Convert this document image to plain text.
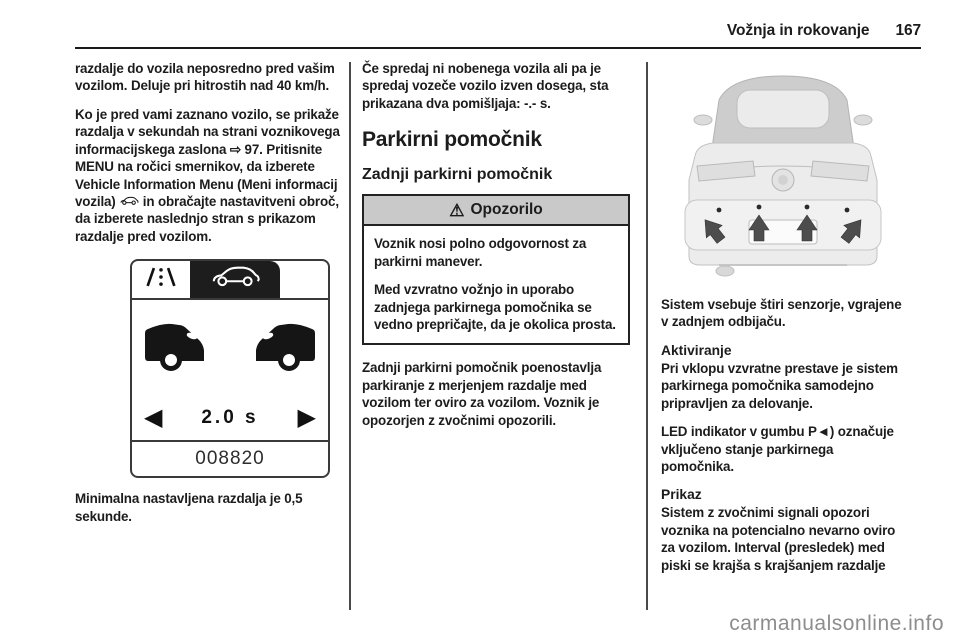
Vožnja in rokovanje 167

razdalje do vozila neposredno pred vašim vozilom. Deluje pri hitrostih nad 40 km/h.

Ko je pred vami zaznano vozilo, se prikaže razdalja v sekundah na strani voznikovega informacijskega zaslona ⇨ 97. Pritisnite MENU na ročici smernikov, da izberete Vehicle Information Menu (Meni informacij vozila)  in obračajte nastavitveni obroč, da izberete naslednjo stran s prikazom razdalje pred vozilom.

◀ 2.0 s ▶
008820

Minimalna nastavljena razdalja je 0,5 sekunde.

Če spredaj ni nobenega vozila ali pa je spredaj vozeče vozilo izven dosega, sta prikazana dva pomišljaja: -.- s.

Parkirni pomočnik
Zadnji parkirni pomočnik
⚠ Opozorilo

Voznik nosi polno odgovornost za parkirni manever.

Med vzvratno vožnjo in uporabo zadnjega parkirnega pomočnika se vedno prepričajte, da je okolica prosta.

Zadnji parkirni pomočnik poenostavlja parkiranje z merjenjem razdalje med vozilom ter oviro za vozilom. Voznik je opozorjen z zvočnimi opozorili.

Sistem vsebuje štiri senzorje, vgrajene v zadnjem odbijaču.

Aktiviranje

Pri vklopu vzvratne prestave je sistem parkirnega pomočnika samodejno pripravljen za delovanje.

LED indikator v gumbu P◄) označuje vključeno stanje parkirnega pomočnika.

Prikaz

Sistem z zvočnimi signali opozori voznika na potencialno nevarno oviro za vozilom. Interval (presledek) med piski se krajša s krajšanjem razdalje

carmanualsonline.info
